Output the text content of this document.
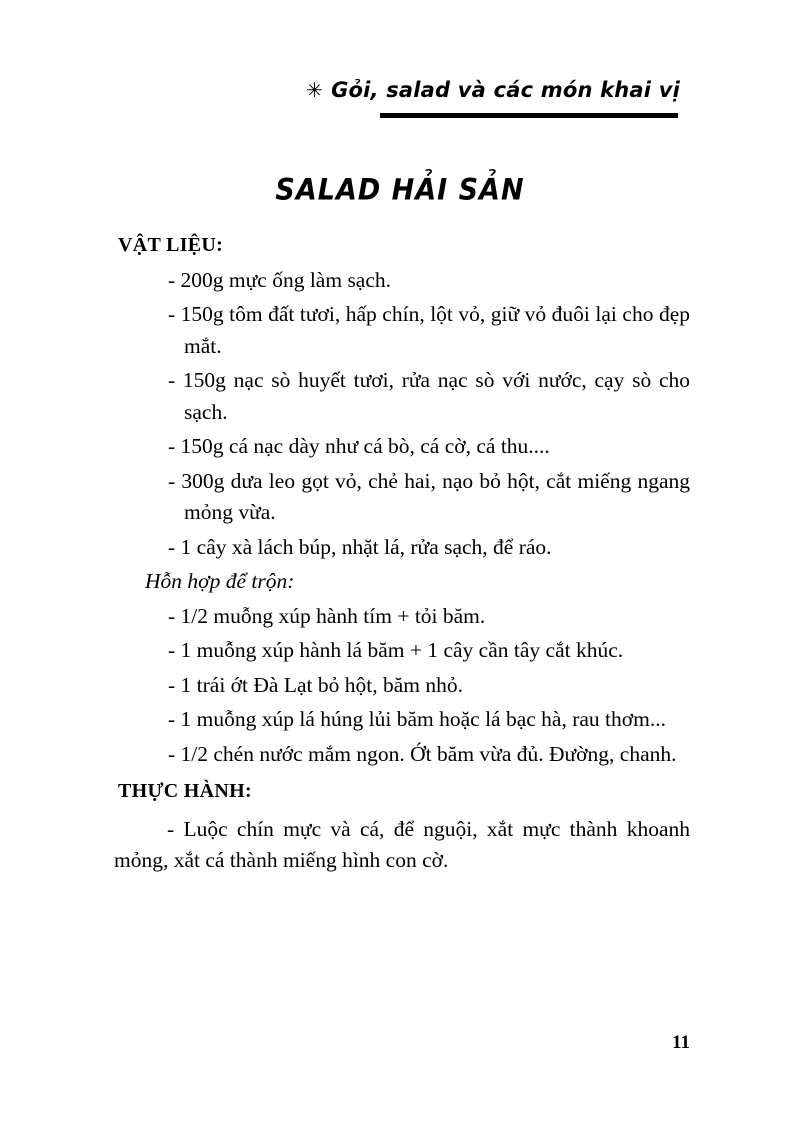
✳ Gỏi, salad và các món khai vị
SALAD HẢI SẢN

VẬT LIỆU:

- 200g mực ống làm sạch.
- 150g tôm đất tươi, hấp chín, lột vỏ, giữ vỏ đuôi lại cho đẹp mắt.
- 150g nạc sò huyết tươi, rửa nạc sò với nước, cạy sò cho sạch.
- 150g cá nạc dày như cá bò, cá cờ, cá thu....
- 300g dưa leo gọt vỏ, chẻ hai, nạo bỏ hột, cắt miếng ngang mỏng vừa.
- 1 cây xà lách búp, nhặt lá, rửa sạch, để ráo.

Hỗn hợp để trộn:

- 1/2 muỗng xúp hành tím + tỏi băm.
- 1 muỗng xúp hành lá băm + 1 cây cần tây cắt khúc.
- 1 trái ớt Đà Lạt bỏ hột, băm nhỏ.
- 1 muỗng xúp lá húng lủi băm hoặc lá bạc hà, rau thơm...
- 1/2 chén nước mắm ngon. Ớt băm vừa đủ. Đường, chanh.

THỰC HÀNH:

- Luộc chín mực và cá, để nguội, xắt mực thành khoanh mỏng, xắt cá thành miếng hình con cờ.

11
